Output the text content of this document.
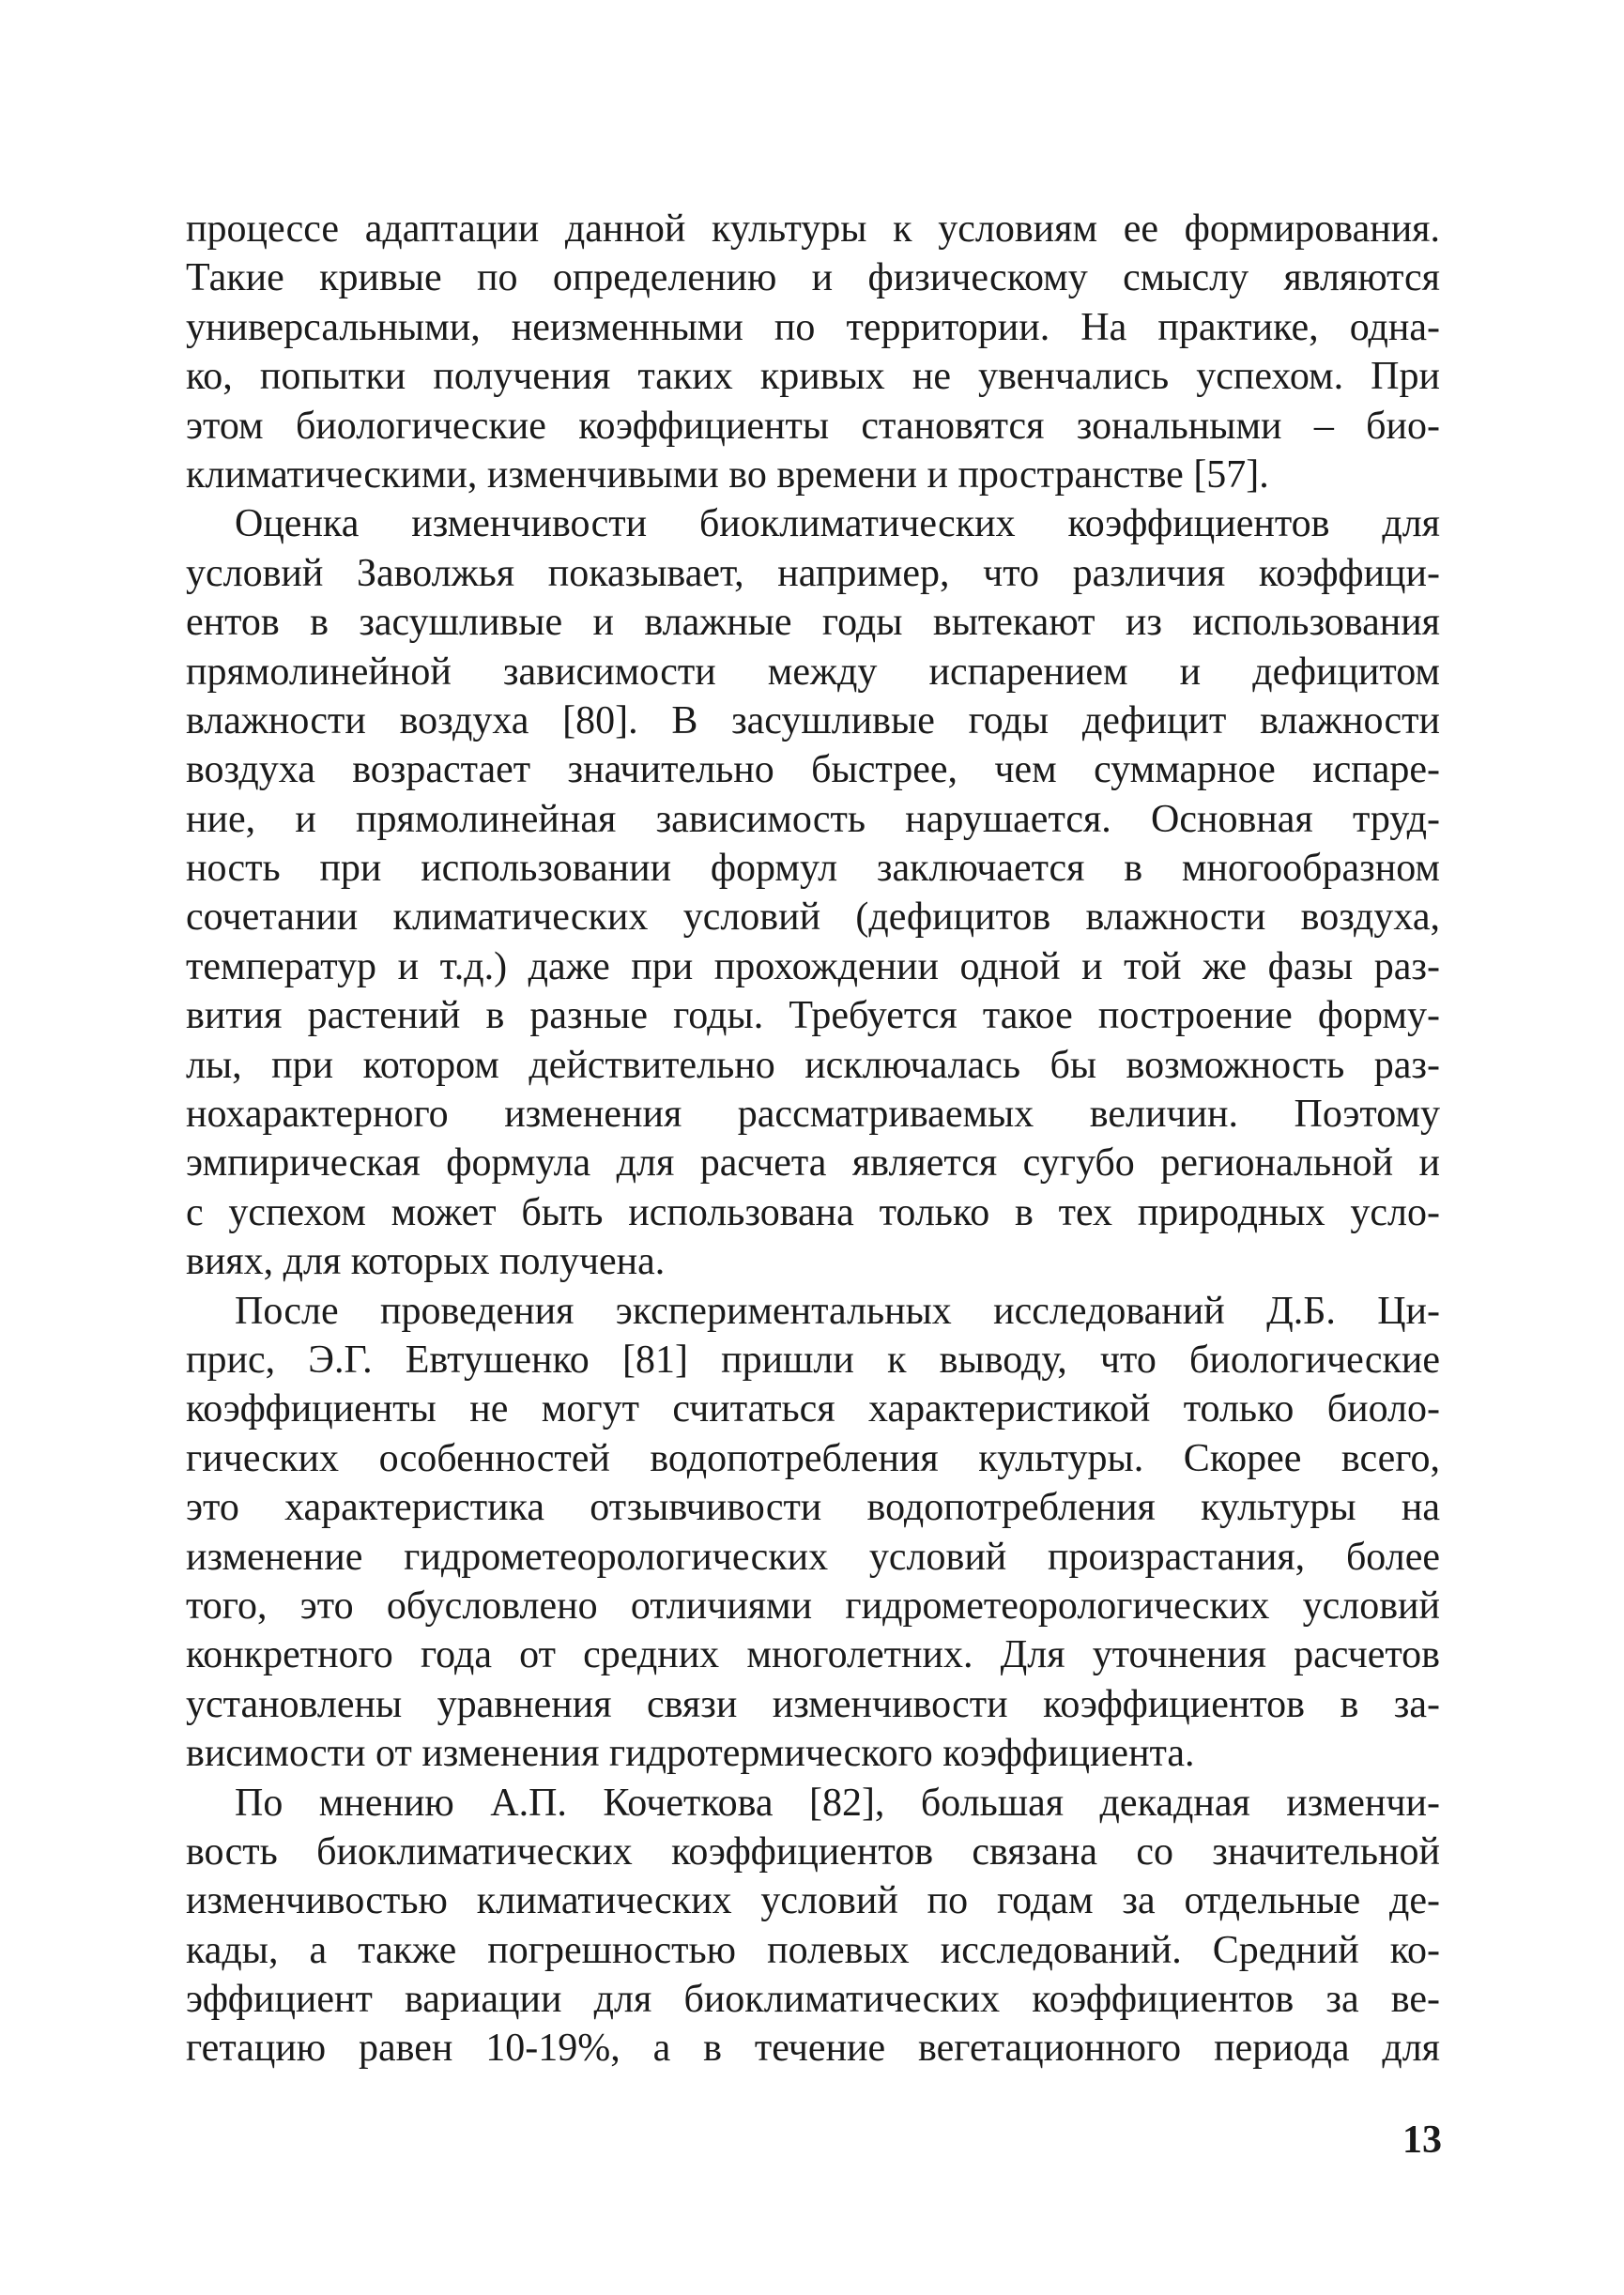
процессе адаптации данной культуры к условиям ее формирования.
Такие кривые по определению и физическому смыслу являются
универсальными, неизменными по территории. На практике, одна-
ко, попытки получения таких кривых не увенчались успехом. При
этом биологические коэффициенты становятся зональными – био-
климатическими, изменчивыми во времени и пространстве [57].
Оценка изменчивости биоклиматических коэффициентов для
условий Заволжья показывает, например, что различия коэффици-
ентов в засушливые и влажные годы вытекают из использования
прямолинейной зависимости между испарением и дефицитом
влажности воздуха [80]. В засушливые годы дефицит влажности
воздуха возрастает значительно быстрее, чем суммарное испаре-
ние, и прямолинейная зависимость нарушается. Основная труд-
ность при использовании формул заключается в многообразном
сочетании климатических условий (дефицитов влажности воздуха,
температур и т.д.) даже при прохождении одной и той же фазы раз-
вития растений в разные годы. Требуется такое построение форму-
лы, при котором действительно исключалась бы возможность раз-
нохарактерного изменения рассматриваемых величин. Поэтому
эмпирическая формула для расчета является сугубо региональной и
с успехом может быть использована только в тех природных усло-
виях, для которых получена.
После проведения экспериментальных исследований Д.Б. Ци-
прис, Э.Г. Евтушенко [81] пришли к выводу, что биологические
коэффициенты не могут считаться характеристикой только биоло-
гических особенностей водопотребления культуры. Скорее всего,
это характеристика отзывчивости водопотребления культуры на
изменение гидрометеорологических условий произрастания, более
того, это обусловлено отличиями гидрометеорологических условий
конкретного года от средних многолетних. Для уточнения расчетов
установлены уравнения связи изменчивости коэффициентов в за-
висимости от изменения гидротермического коэффициента.
По мнению А.П. Кочеткова [82], большая декадная изменчи-
вость биоклиматических коэффициентов связана со значительной
изменчивостью климатических условий по годам за отдельные де-
кады, а также погрешностью полевых исследований. Средний ко-
эффициент вариации для биоклиматических коэффициентов за ве-
гетацию равен 10-19%, а в течение вегетационного периода для
13
